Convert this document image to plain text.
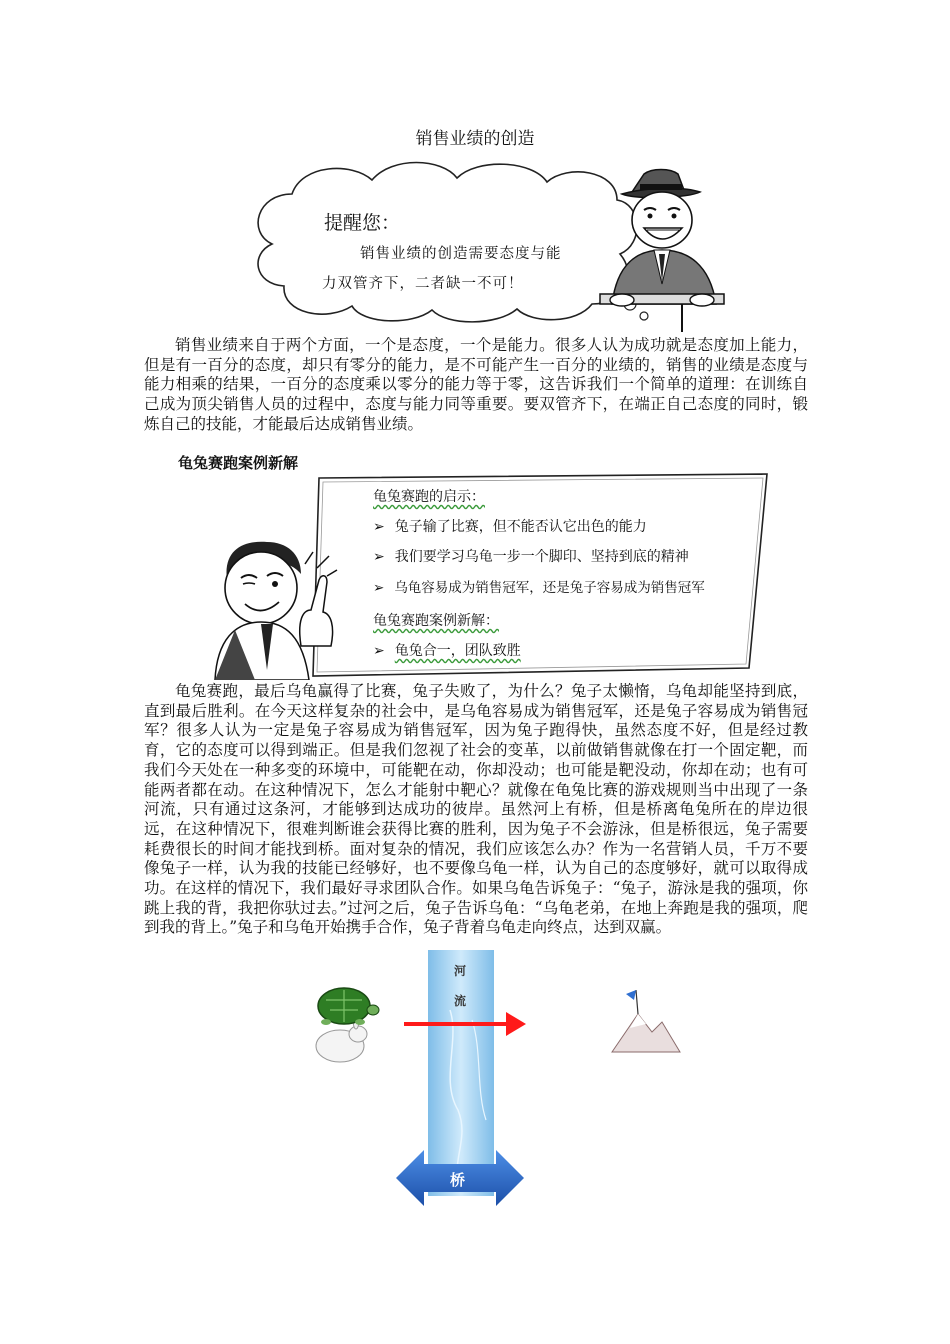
销售业绩的创造
提醒您：
销售业绩的创造需要态度与能
力双管齐下，二者缺一不可！

销售业绩来自于两个方面，一个是态度，一个是能力。很多人认为成功就是态度加上能力，但是有一百分的态度，却只有零分的能力，是不可能产生一百分的业绩的，销售的业绩是态度与能力相乘的结果，一百分的态度乘以零分的能力等于零，这告诉我们一个简单的道理：在训练自己成为顶尖销售人员的过程中，态度与能力同等重要。要双管齐下，在端正自己态度的同时，锻炼自己的技能，才能最后达成销售业绩。

龟兔赛跑案例新解
龟兔赛跑的启示：
➢ 兔子输了比赛，但不能否认它出色的能力
➢ 我们要学习乌龟一步一个脚印、坚持到底的精神
➢ 乌龟容易成为销售冠军，还是兔子容易成为销售冠军
龟兔赛跑案例新解：
➢ 龟兔合一，团队致胜

龟兔赛跑，最后乌龟赢得了比赛，兔子失败了，为什么？兔子太懒惰，乌龟却能坚持到底，直到最后胜利。在今天这样复杂的社会中，是乌龟容易成为销售冠军，还是兔子容易成为销售冠军？很多人认为一定是兔子容易成为销售冠军，因为兔子跑得快，虽然态度不好，但是经过教育，它的态度可以得到端正。但是我们忽视了社会的变革，以前做销售就像在打一个固定靶，而我们今天处在一种多变的环境中，可能靶在动，你却没动；也可能是靶没动，你却在动；也有可能两者都在动。在这种情况下，怎么才能射中靶心？就像在龟兔比赛的游戏规则当中出现了一条河流，只有通过这条河，才能够到达成功的彼岸。虽然河上有桥，但是桥离龟兔所在的岸边很远，在这种情况下，很难判断谁会获得比赛的胜利，因为兔子不会游泳，但是桥很远，兔子需要耗费很长的时间才能找到桥。面对复杂的情况，我们应该怎么办？作为一名营销人员，千万不要像兔子一样，认为我的技能已经够好，也不要像乌龟一样，认为自己的态度够好，就可以取得成功。在这样的情况下，我们最好寻求团队合作。如果乌龟告诉兔子：“兔子，游泳是我的强项，你跳上我的背，我把你驮过去。”过河之后，兔子告诉乌龟：“乌龟老弟，在地上奔跑是我的强项，爬到我的背上。”兔子和乌龟开始携手合作，兔子背着乌龟走向终点，达到双赢。

河
流
桥
